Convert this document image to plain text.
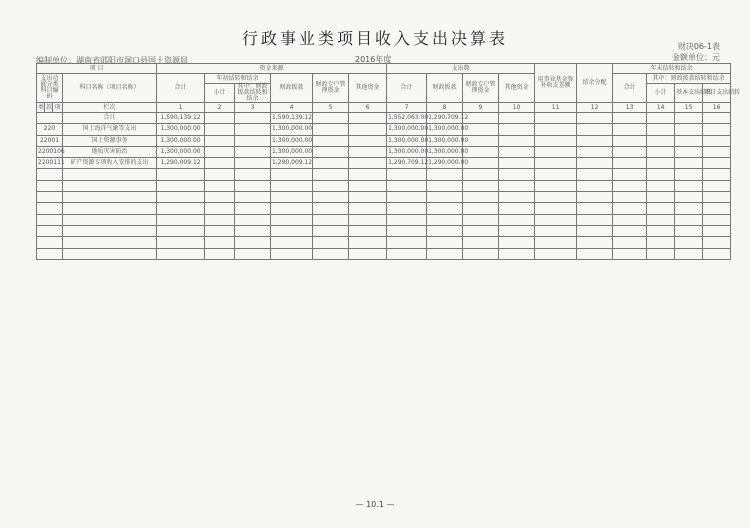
行政事业类项目收入支出决算表	财决06-1表
金额单位：元
编制单位：湖南省邵阳市洞口县国土资源局	2016年度
项 目				资金来源						支出数				用事业基金弥补收支差额	结余分配	年末结转和结余			
支出功能分类科目编码			科目名称（项目名称）	合计	年初结转和结余		财政拨款	财政专户管理资金	其他资金	合计	财政拨款	财政专户管理资金	其他资金			合计	其中：财政拨款结转和结余		
					小计	其中：财政拨款结转和结余											小计	基本支出结转	项目支出结转
类	款	项	栏次	1	2	3	4	5	6	7	8	9	10	11	12	13	14	15	16
			合计	1,590,139.12			1,590,139.12			1,552,063.00	1,290,709.12								
220			国土海洋气象等支出	1,300,000.00			1,300,000.00			1,300,000.00	1,300,000.00								
22001			国土资源事务	1,300,000.00			1,300,000.00			1,300,000.00	1,300,000.00								
2200106			地质灾害防治	1,300,000.00			1,300,000.00			1,300,000.00	1,300,000.00								
2200111			矿产资源专项收入安排的支出	1,290,009.12			1,290,009.12			1,290,709.12	1,290,000.00								

— 10.1 —
